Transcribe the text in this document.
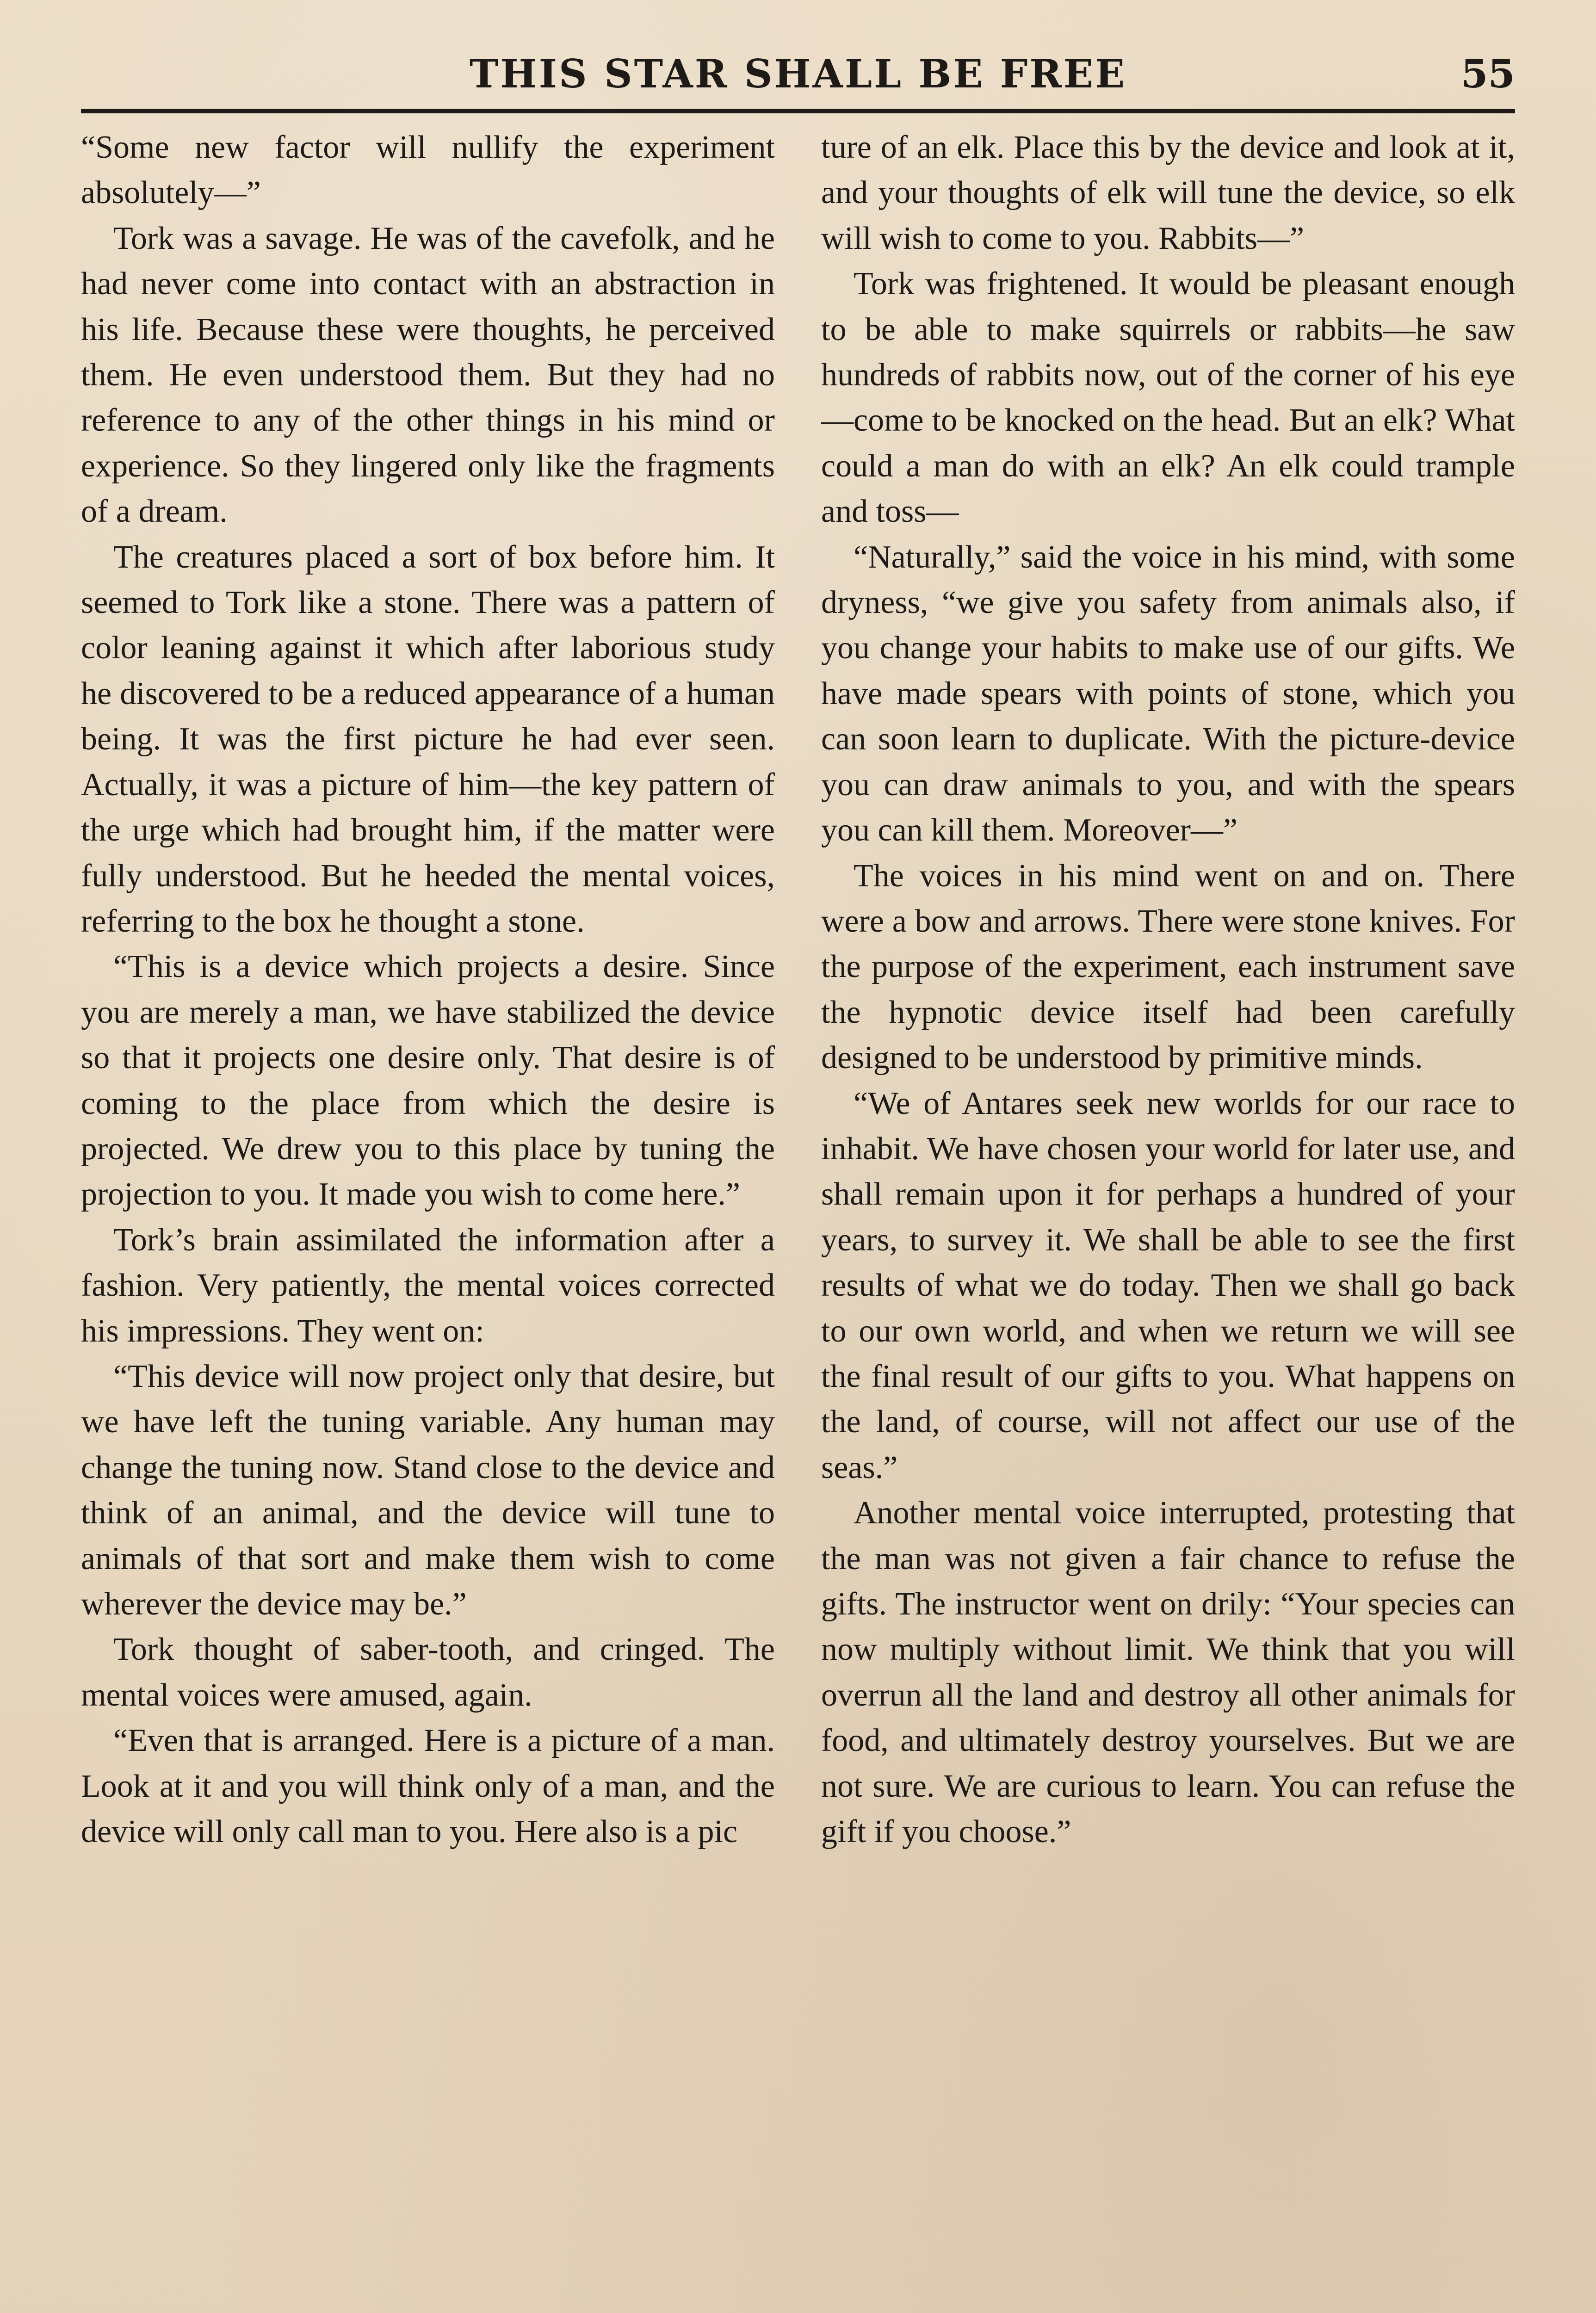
THIS STAR SHALL BE FREE	55

“Some new factor will nullify the experiment absolutely—”

Tork was a savage. He was of the cavefolk, and he had never come into contact with an abstraction in his life. Because these were thoughts, he perceived them. He even understood them. But they had no reference to any of the other things in his mind or experience. So they lingered only like the fragments of a dream.

The creatures placed a sort of box before him. It seemed to Tork like a stone. There was a pattern of color leaning against it which after laborious study he discovered to be a reduced appearance of a human being. It was the first picture he had ever seen. Actually, it was a picture of him—the key pattern of the urge which had brought him, if the matter were fully understood. But he heeded the mental voices, referring to the box he thought a stone.

“This is a device which projects a desire. Since you are merely a man, we have stabilized the device so that it projects one desire only. That desire is of coming to the place from which the desire is projected. We drew you to this place by tuning the projection to you. It made you wish to come here.”

Tork’s brain assimilated the information after a fashion. Very patiently, the mental voices corrected his impressions. They went on:

“This device will now project only that desire, but we have left the tuning variable. Any human may change the tuning now. Stand close to the device and think of an animal, and the device will tune to animals of that sort and make them wish to come wherever the device may be.”

Tork thought of saber-tooth, and cringed. The mental voices were amused, again.

“Even that is arranged. Here is a picture of a man. Look at it and you will think only of a man, and the device will only call man to you. Here also is a pic

ture of an elk. Place this by the device and look at it, and your thoughts of elk will tune the device, so elk will wish to come to you. Rabbits—”

Tork was frightened. It would be pleasant enough to be able to make squirrels or rabbits—he saw hundreds of rabbits now, out of the corner of his eye—come to be knocked on the head. But an elk? What could a man do with an elk? An elk could trample and toss—

“Naturally,” said the voice in his mind, with some dryness, “we give you safety from animals also, if you change your habits to make use of our gifts. We have made spears with points of stone, which you can soon learn to duplicate. With the picture-device you can draw animals to you, and with the spears you can kill them. Moreover—”

The voices in his mind went on and on. There were a bow and arrows. There were stone knives. For the purpose of the experiment, each instrument save the hypnotic device itself had been carefully designed to be understood by primitive minds.

“We of Antares seek new worlds for our race to inhabit. We have chosen your world for later use, and shall remain upon it for perhaps a hundred of your years, to survey it. We shall be able to see the first results of what we do today. Then we shall go back to our own world, and when we return we will see the final result of our gifts to you. What happens on the land, of course, will not affect our use of the seas.”

Another mental voice interrupted, protesting that the man was not given a fair chance to refuse the gifts. The instructor went on drily: “Your species can now multiply without limit. We think that you will overrun all the land and destroy all other animals for food, and ultimately destroy yourselves. But we are not sure. We are curious to learn. You can refuse the gift if you choose.”
